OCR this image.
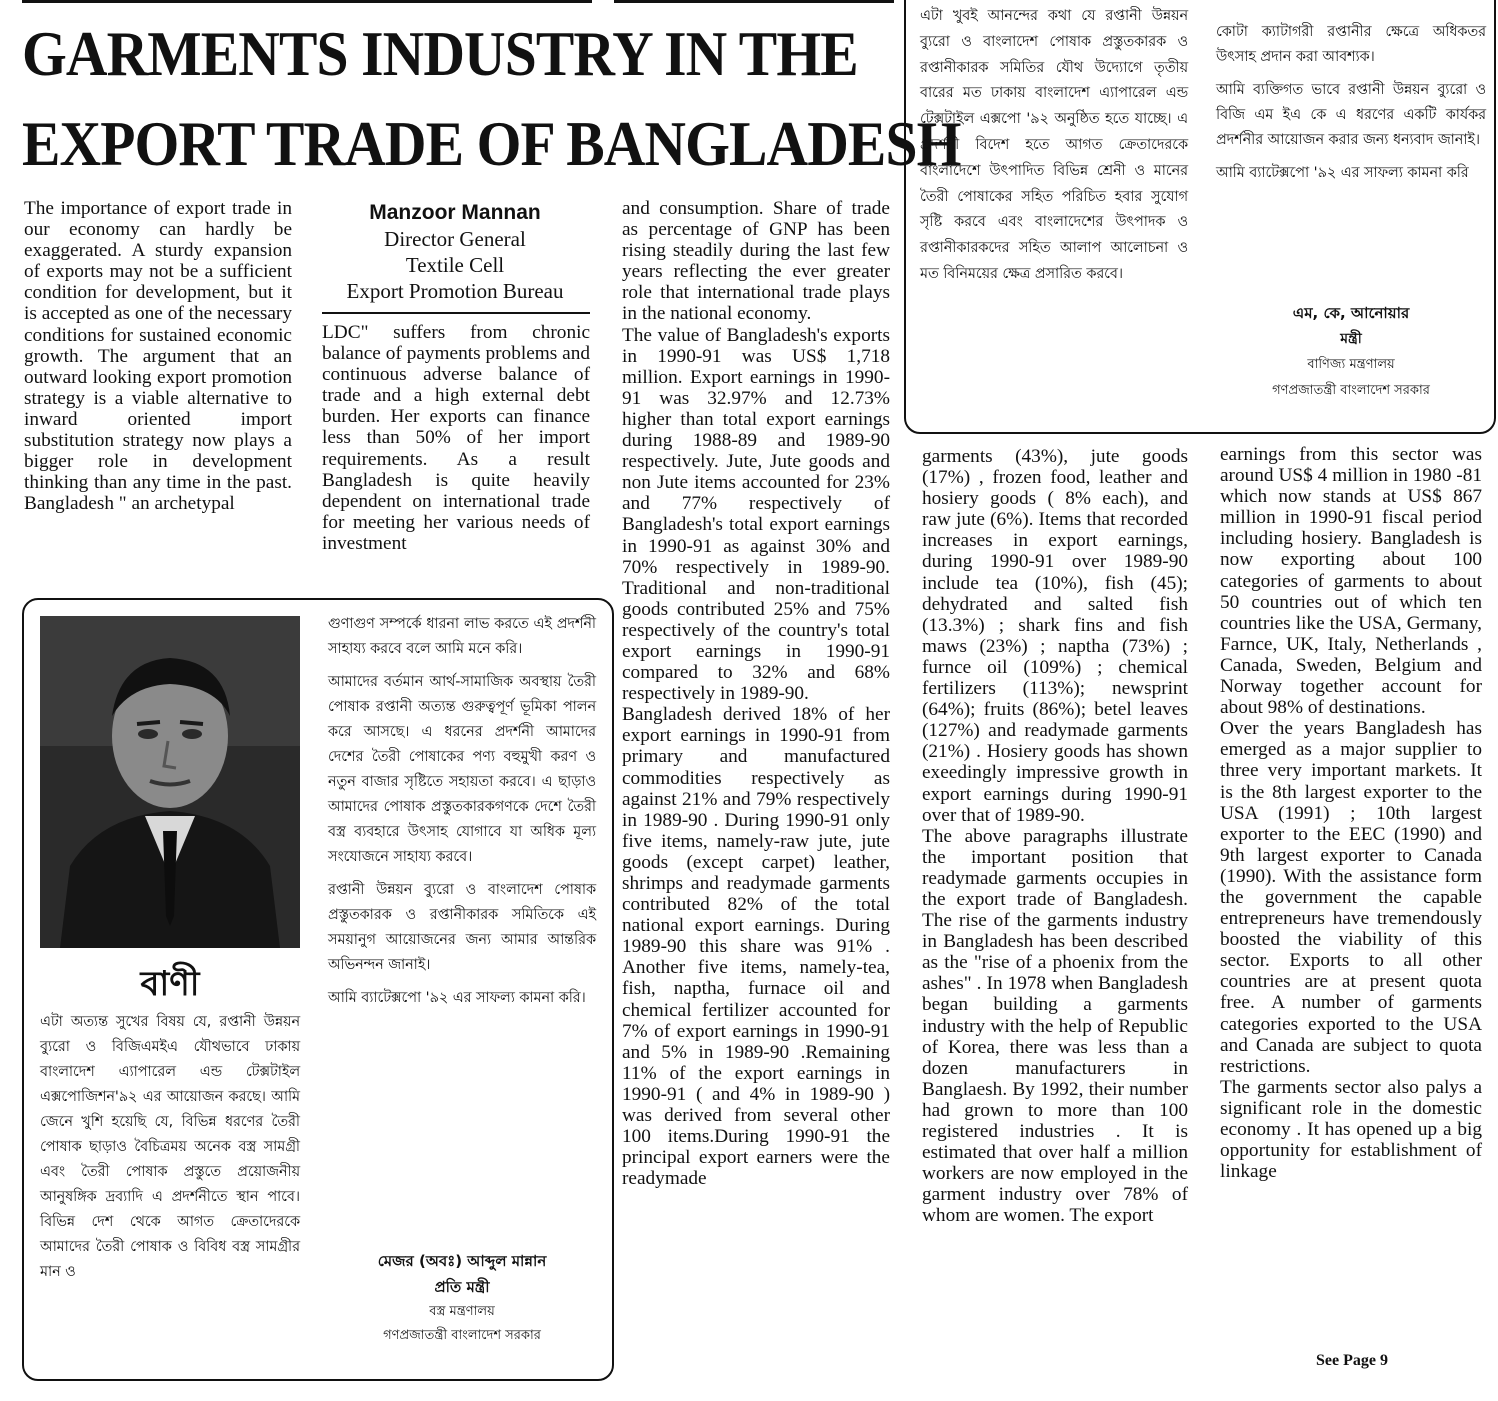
GARMENTS INDUSTRY IN THE
EXPORT TRADE OF BANGLADESH

The importance of export trade in our economy can hardly be exaggerated. A sturdy expansion of exports may not be a sufficient condition for development, but it is accepted as one of the necessary conditions for sustained economic growth. The argument that an outward looking export promotion strategy is a viable alternative to inward oriented import substitution strategy now plays a bigger role in development thinking than any time in the past. Bangladesh " an archetypal

Manzoor Mannan
Director General
Textile Cell
Export Promotion Bureau

LDC" suffers from chronic balance of payments problems and continuous adverse balance of trade and a high external debt burden. Her exports can finance less than 50% of her import requirements. As a result Bangladesh is quite heavily dependent on international trade for meeting her various needs of investment

and consumption. Share of trade as percentage of GNP has been rising steadily during the last few years reflecting the ever greater role that international trade plays in the national economy.

The value of Bangladesh's exports in 1990-91 was US$ 1,718 million. Export earnings in 1990-91 was 32.97% and 12.73% higher than total export earnings during 1988-89 and 1989-90 respectively. Jute, Jute goods and non Jute items accounted for 23% and 77% respectively of Bangladesh's total export earnings in 1990-91 as against 30% and 70% respectively in 1989-90. Traditional and non-traditional goods contributed 25% and 75% respectively of the country's total export earnings in 1990-91 compared to 32% and 68% respectively in 1989-90.

Bangladesh derived 18% of her export earnings in 1990-91 from primary and manufactured commodities respectively as against 21% and 79% respectively in 1989-90 . During 1990-91 only five items, namely-raw jute, jute goods (except carpet) leather, shrimps and readymade garments contributed 82% of the total national export earnings. During 1989-90 this share was 91% . Another five items, namely-tea, fish, naptha, furnace oil and chemical fertilizer accounted for 7% of export earnings in 1990-91 and 5% in 1989-90 .Remaining 11% of the export earnings in 1990-91 ( and 4% in 1989-90 ) was derived from several other 100 items.During 1990-91 the principal export earners were the readymade

garments (43%), jute goods (17%) , frozen food, leather and hosiery goods ( 8% each), and raw jute (6%). Items that recorded increases in export earnings, during 1990-91 over 1989-90 include tea (10%), fish (45); dehydrated and salted fish (13.3%) ; shark fins and fish maws (23%) ; naptha (73%) ; furnce oil (109%) ; chemical fertilizers (113%); newsprint (64%); fruits (86%); betel leaves (127%) and readymade garments (21%) . Hosiery goods has shown exeedingly impressive growth in export earnings during 1990-91 over that of 1989-90.

The above paragraphs illustrate the important position that readymade garments occupies in the export trade of Bangladesh. The rise of the garments industry in Bangladesh has been described as the "rise of a phoenix from the ashes" . In 1978 when Bangladesh began building a garments industry with the help of Republic of Korea, there was less than a dozen manufacturers in Banglaesh. By 1992, their number had grown to more than 100 registered industries . It is estimated that over half a million workers are now employed in the garment industry over 78% of whom are women. The export

earnings from this sector was around US$ 4 million in 1980 -81 which now stands at US$ 867 million in 1990-91 fiscal period including hosiery. Bangladesh is now exporting about 100 categories of garments to about 50 countries out of which ten countries like the USA, Germany, Farnce, UK, Italy, Netherlands , Canada, Sweden, Belgium and Norway together account for about 98% of destinations.

Over the years Bangladesh has emerged as a major supplier to three very important markets. It is the 8th largest exporter to the USA (1991) ; 10th largest exporter to the EEC (1990) and 9th largest exporter to Canada (1990). With the assistance form the government the capable entrepreneurs have tremendously boosted the viability of this sector. Exports to all other countries are at present quota free. A number of garments categories exported to the USA and Canada are subject to quota restrictions.

The garments sector also palys a significant role in the domestic economy . It has opened up a big opportunity for establishment of linkage

See Page 9
বাণী

এটা অত্যন্ত সুখের বিষয় যে, রপ্তানী উন্নয়ন ব্যুরো ও বিজিএমইএ যৌথভাবে ঢাকায় বাংলাদেশ এ্যাপারেল এন্ড টেক্সটাইল এক্সপোজিশন'৯২ এর আয়োজন করছে। আমি জেনে খুশি হয়েছি যে, বিভিন্ন ধরণের তৈরী পোষাক ছাড়াও বৈচিত্রময় অনেক বস্ত্র সামগ্রী এবং তৈরী পোষাক প্রস্তুতে প্রয়োজনীয় আনুষঙ্গিক দ্রব্যাদি এ প্রদর্শনীতে স্থান পাবে। বিভিন্ন দেশ থেকে আগত ক্রেতাদেরকে আমাদের তৈরী পোষাক ও বিবিধ বস্ত্র সামগ্রীর মান ও

গুণাগুণ সম্পর্কে ধারনা লাভ করতে এই প্রদর্শনী সাহায্য করবে বলে আমি মনে করি।

আমাদের বর্তমান আর্থ-সামাজিক অবস্থায় তৈরী পোষাক রপ্তানী অত্যন্ত গুরুত্বপূর্ণ ভূমিকা পালন করে আসছে। এ ধরনের প্রদর্শনী আমাদের দেশের তৈরী পোষাকের পণ্য বহুমুখী করণ ও নতুন বাজার সৃষ্টিতে সহায়তা করবে। এ ছাড়াও আমাদের পোষাক প্রস্তুতকারকগণকে দেশে তৈরী বস্ত্র ব্যবহারে উৎসাহ যোগাবে যা অধিক মূল্য সংযোজনে সাহায্য করবে।

রপ্তানী উন্নয়ন ব্যুরো ও বাংলাদেশ পোষাক প্রস্তুতকারক ও রপ্তানীকারক সমিতিকে এই সময়ানুগ আয়োজনের জন্য আমার আন্তরিক অভিনন্দন জানাই।

আমি ব্যাটেক্সপো '৯২ এর সাফল্য কামনা করি।

মেজর (অবঃ) আব্দুল মান্নান
প্রতি মন্ত্রী
বস্ত্র মন্ত্রণালয়
গণপ্রজাতন্ত্রী বাংলাদেশ সরকার

এটা খুবই আনন্দের কথা যে রপ্তানী উন্নয়ন ব্যুরো ও বাংলাদেশ পোষাক প্রস্তুতকারক ও রপ্তানীকারক সমিতির যৌথ উদ্যোগে তৃতীয় বারের মত ঢাকায় বাংলাদেশ এ্যাপারেল এন্ড টেক্সটাইল এক্সপো '৯২ অনুষ্ঠিত হতে যাচ্ছে। এ প্রদর্শনী বিদেশ হতে আগত ক্রেতাদেরকে বাংলাদেশে উৎপাদিত বিভিন্ন শ্রেনী ও মানের তৈরী পোষাকের সহিত পরিচিত হবার সুযোগ সৃষ্টি করবে এবং বাংলাদেশের উৎপাদক ও রপ্তানীকারকদের সহিত আলাপ আলোচনা ও মত বিনিময়ের ক্ষেত্র প্রসারিত করবে।

কোটা ক্যাটাগরী রপ্তানীর ক্ষেত্রে অধিকতর উৎসাহ প্রদান করা আবশ্যক।

আমি ব্যক্তিগত ভাবে রপ্তানী উন্নয়ন ব্যুরো ও বিজি এম ইএ কে এ ধরণের একটি কার্যকর প্রদর্শনীর আয়োজন করার জন্য ধন্যবাদ জানাই।

আমি ব্যাটেক্সপো '৯২ এর সাফল্য কামনা করি

এম, কে, আনোয়ার
মন্ত্রী
বাণিজ্য মন্ত্রণালয়
গণপ্রজাতন্ত্রী বাংলাদেশ সরকার
